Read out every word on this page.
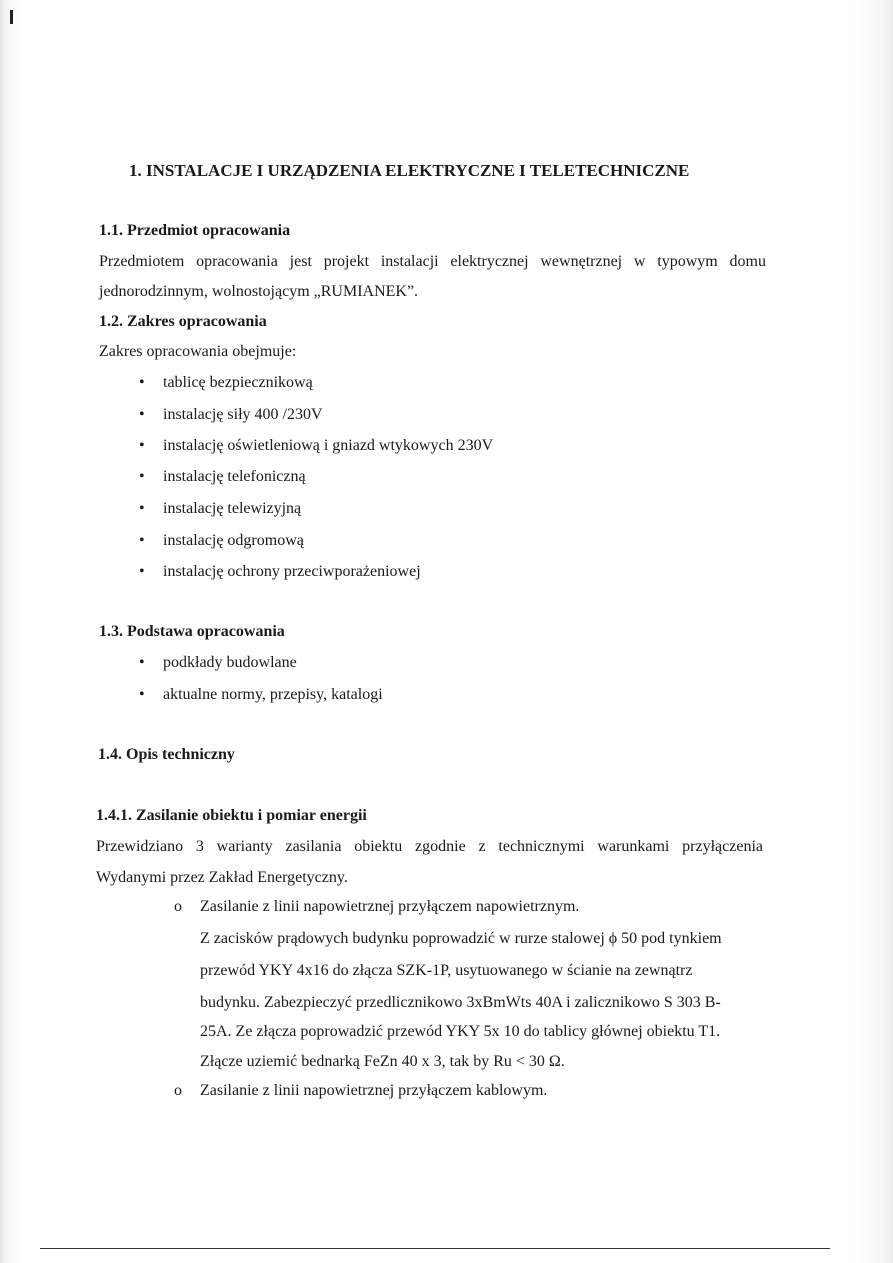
1. INSTALACJE I URZĄDZENIA ELEKTRYCZNE I TELETECHNICZNE
1.1. Przedmiot opracowania
Przedmiotem opracowania jest projekt instalacji elektrycznej wewnętrznej w typowym domu
jednorodzinnym, wolnostojącym „RUMIANEK”.
1.2. Zakres opracowania
Zakres opracowania obejmuje:
• tablicę bezpiecznikową
• instalację siły 400 /230V
• instalację oświetleniową i gniazd wtykowych 230V
• instalację telefoniczną
• instalację telewizyjną
• instalację odgromową
• instalację ochrony przeciwporażeniowej
1.3. Podstawa opracowania
• podkłady budowlane
• aktualne normy, przepisy, katalogi
1.4. Opis techniczny
1.4.1. Zasilanie obiektu i pomiar energii
Przewidziano 3 warianty zasilania obiektu zgodnie z technicznymi warunkami przyłączenia
Wydanymi przez Zakład Energetyczny.
o Zasilanie z linii napowietrznej przyłączem napowietrznym.
Z zacisków prądowych budynku poprowadzić w rurze stalowej ϕ 50 pod tynkiem
przewód YKY 4x16 do złącza SZK-1P, usytuowanego w ścianie na zewnątrz
budynku. Zabezpieczyć przedlicznikowo 3xBmWts 40A i zalicznikowo S 303 B-
25A. Ze złącza poprowadzić przewód YKY 5x 10 do tablicy głównej obiektu T1.
Złącze uziemić bednarką FeZn 40 x 3, tak by Ru < 30 Ω.
o Zasilanie z linii napowietrznej przyłączem kablowym.
